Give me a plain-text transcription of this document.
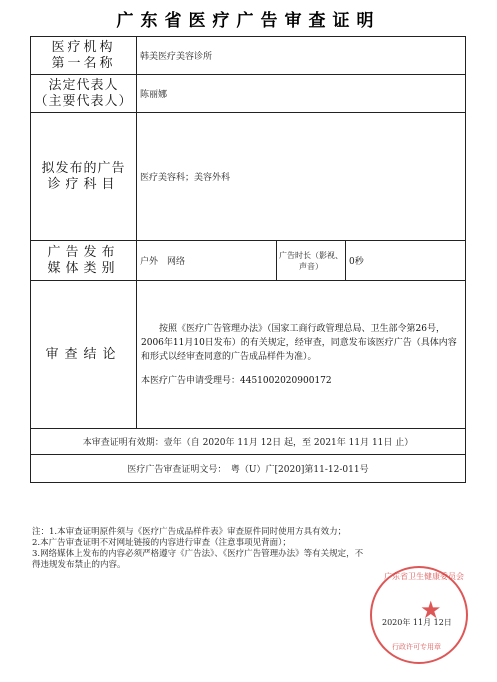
广东省医疗广告审查证明
医疗机构
第一名称	韩美医疗美容诊所		

法定代表人
（主要代表人）	陈丽娜		

拟发布的广告
诊疗科目	医疗美容科；美容外科		

广告发布
媒体类别	户外　网络	广告时长（影视、声音）	0秒
审查结论	按照《医疗广告管理办法》（国家工商行政管理总局、卫生部令第26号，2006年11月10日发布）的有关规定，经审查，同意发布该医疗广告（具体内容和形式以经审查同意的广告成品样件为准）。

本医疗广告申请受理号：4451002020900172		

本审查证明有效期：壹年（自 2020年 11月 12日 起，至 2021年 11月 11日 止）			
医疗广告审查证明文号：　粤（U）广[2020]第11-12-011号			
注：1.本审查证明原件须与《医疗广告成品样件表》审查原件同时使用方具有效力；
2.本广告审查证明不对网址链接的内容进行审查（注意事项见背面）；
3.网络媒体上发布的内容必须严格遵守《广告法》、《医疗广告管理办法》等有关规定，不
得违规发布禁止的内容。
广东省卫生健康委员会
★
2020年 11月 12日
行政许可专用章
